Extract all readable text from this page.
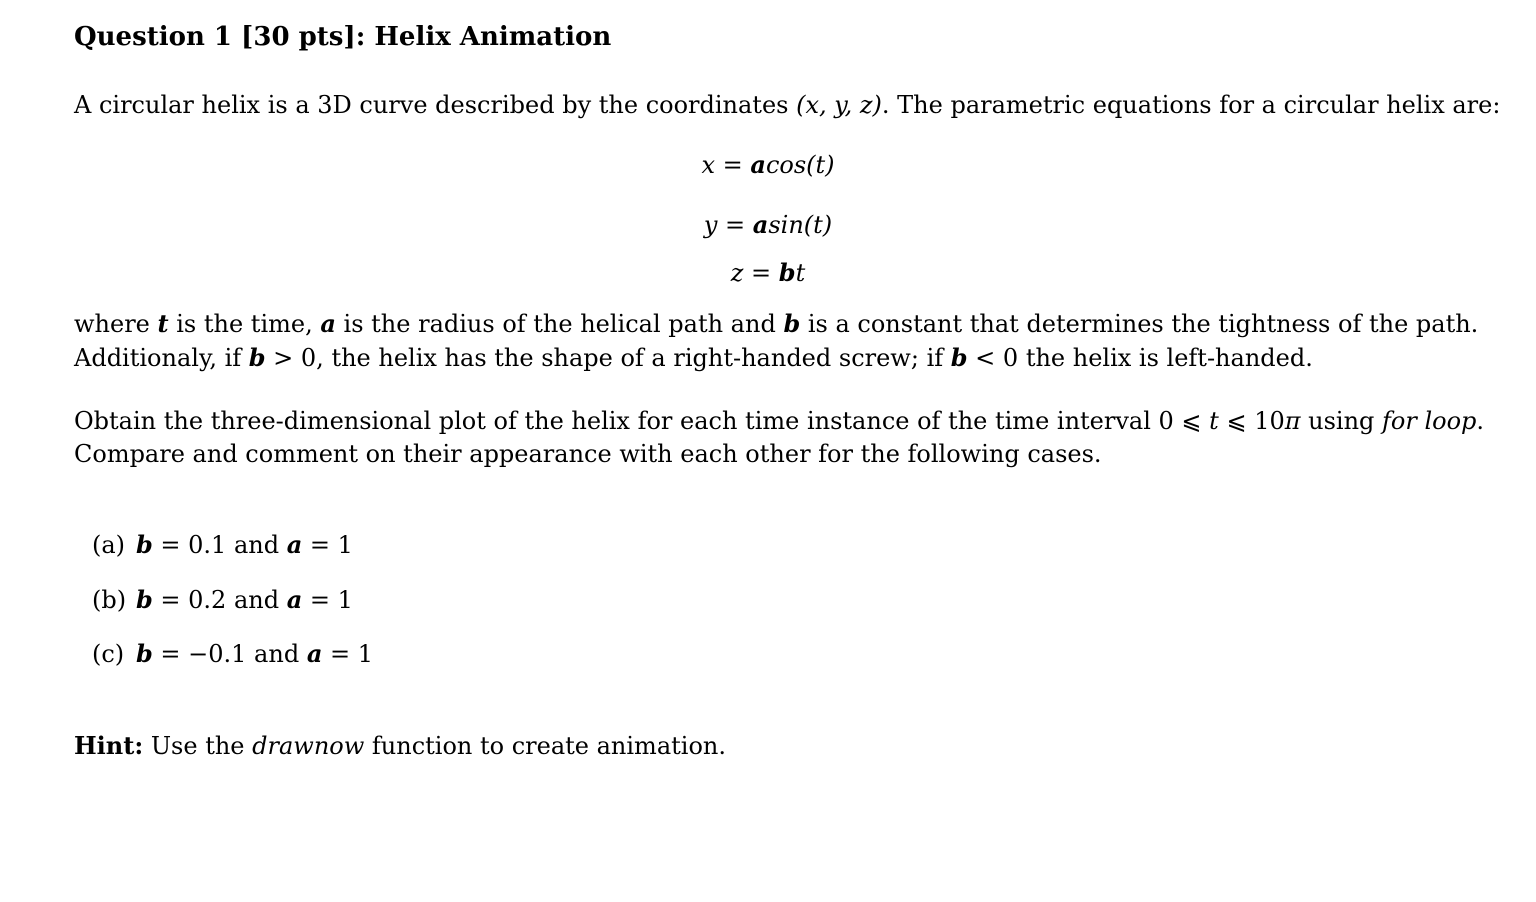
Question 1 [30 pts]: Helix Animation
A circular helix is a 3D curve described by the coordinates (x, y, z). The parametric equations for a circular helix are:
x = acos(t)
y = asin(t)
z = bt
where t is the time, a is the radius of the helical path and b is a constant that determines the tightness of the path.
Additionaly, if b > 0, the helix has the shape of a right-handed screw; if b < 0 the helix is left-handed.
Obtain the three-dimensional plot of the helix for each time instance of the time interval 0 ⩽ t ⩽ 10π using for loop.
Compare and comment on their appearance with each other for the following cases.
(a) b = 0.1 and a = 1
(b) b = 0.2 and a = 1
(c) b = −0.1 and a = 1
Hint: Use the drawnow function to create animation.
